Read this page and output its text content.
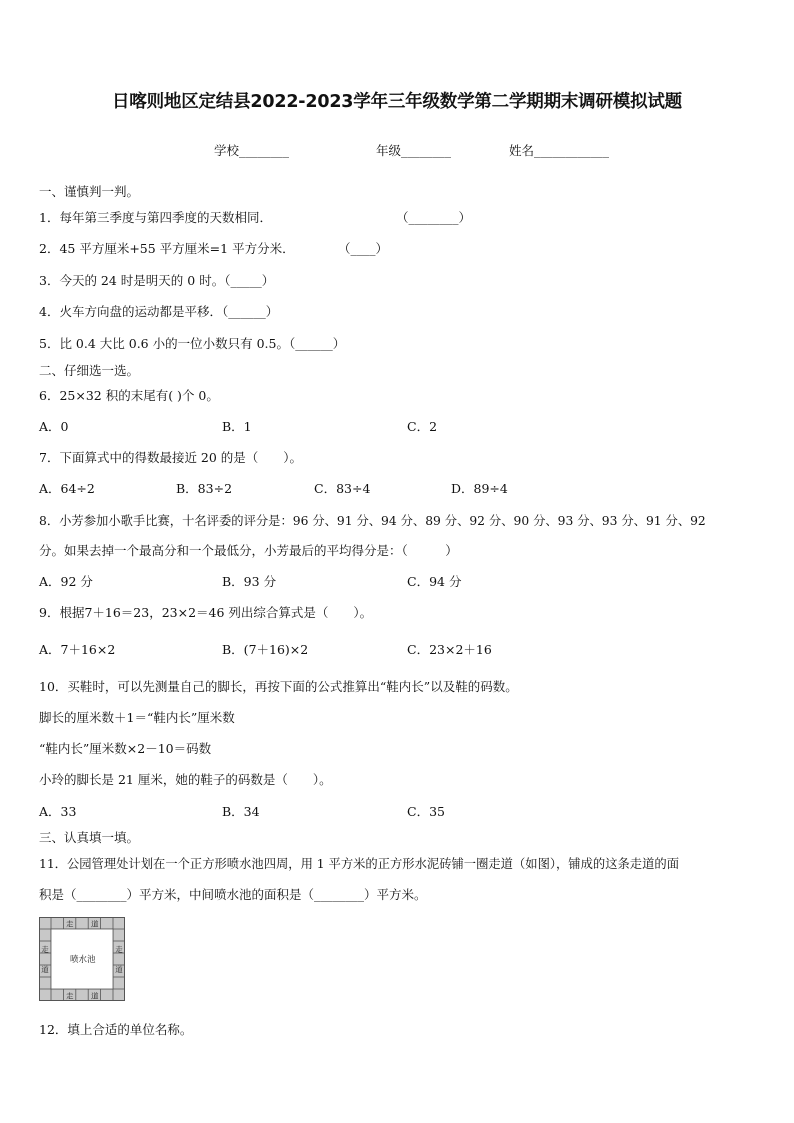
日喀则地区定结县2022-2023学年三年级数学第二学期期末调研模拟试题
学校________	年级________	姓名____________
一、谨慎判一判。
1．每年第三季度与第四季度的天数相同．	（________）
2．45 平方厘米+55 平方厘米=1 平方分米．	（____）
3．今天的 24 时是明天的 0 时。（_____）
4．火车方向盘的运动都是平移．（______）
5．比 0.4 大比 0.6 小的一位小数只有 0.5。（______）
二、仔细选一选。
6．25×32 积的末尾有( )个 0。
A．0	B．1	C．2
7．下面算式中的得数最接近 20 的是（　　）。
A．64÷2	B．83÷2	C．83÷4	D．89÷4
8．小芳参加小歌手比赛，十名评委的评分是：96 分、91 分、94 分、89 分、92 分、90 分、93 分、93 分、91 分、92
分。如果去掉一个最高分和一个最低分，小芳最后的平均得分是：（　　　）
A．92 分	B．93 分	C．94 分
9．根据7＋16＝23，23×2＝46 列出综合算式是（　　）。
A．7＋16×2	B．(7＋16)×2	C．23×2＋16
10．买鞋时，可以先测量自己的脚长，再按下面的公式推算出“鞋内长”以及鞋的码数。
脚长的厘米数＋1＝“鞋内长”厘米数
“鞋内长”厘米数×2－10＝码数
小玲的脚长是 21 厘米，她的鞋子的码数是（　　）。
A．33	B．34	C．35
三、认真填一填。
11．公园管理处计划在一个正方形喷水池四周，用 1 平方米的正方形水泥砖铺一圈走道（如图），铺成的这条走道的面
积是（________）平方米，中间喷水池的面积是（________）平方米。
走 道
走 道
走
道
走
道
喷水池
12．填上合适的单位名称。
